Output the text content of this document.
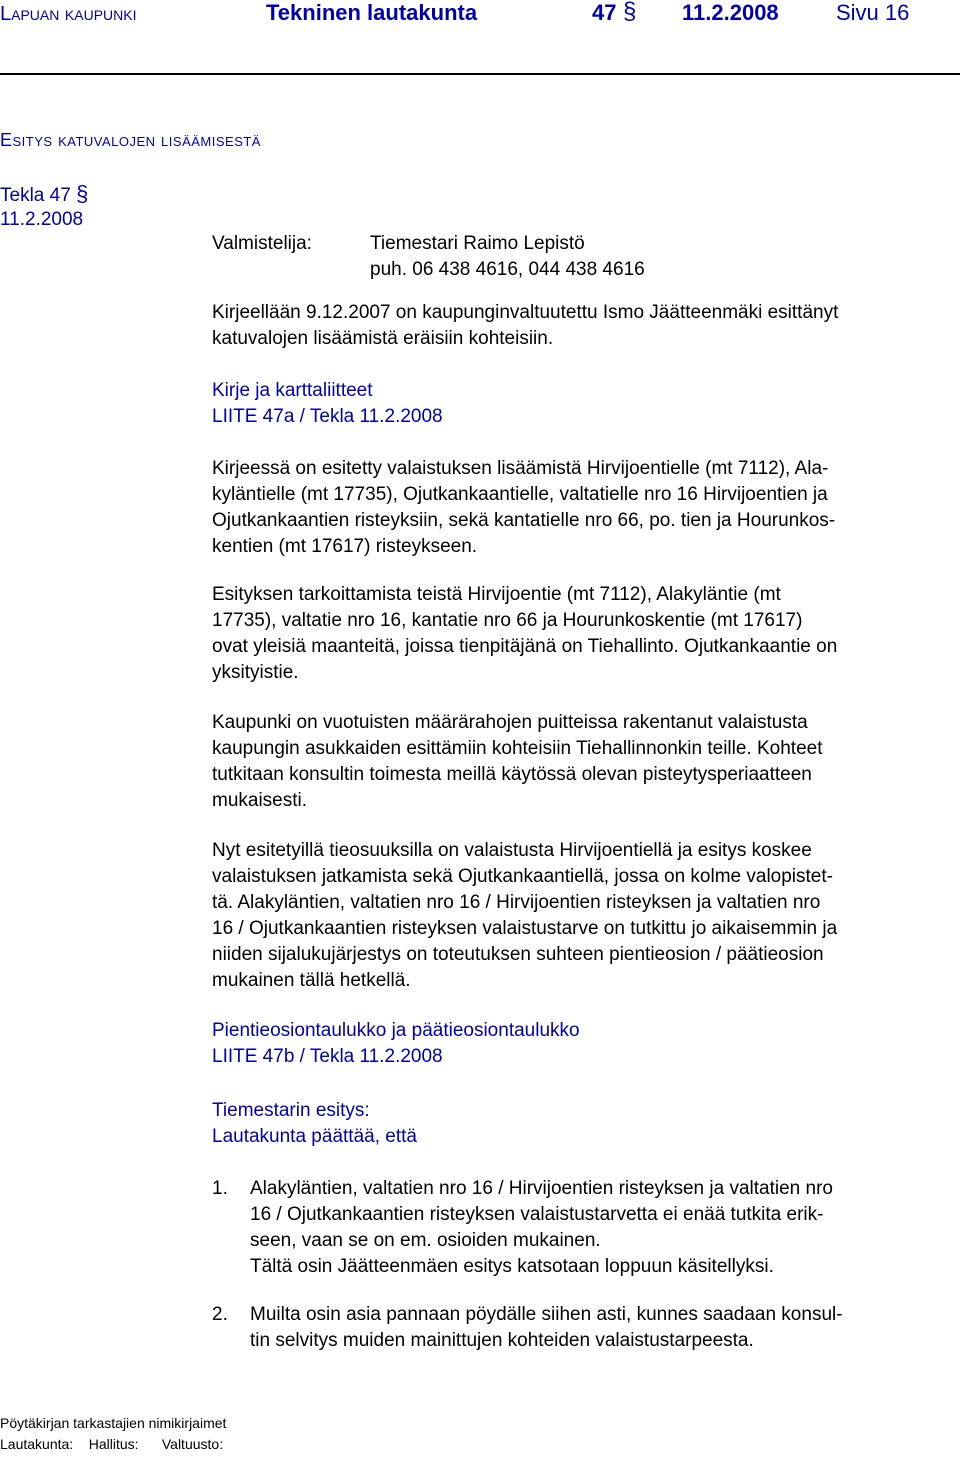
Lapuan kaupunki	Tekninen lautakunta	47 § 11.2.2008	Sivu 16
Esitys katuvalojen lisäämisestä
Tekla 47 §
11.2.2008
Valmistelija:	Tiemestari Raimo Lepistö
puh. 06 438 4616, 044 438 4616

Kirjeellään 9.12.2007 on kaupunginvaltuutettu Ismo Jäätteenmäki esittänyt

katuvalojen lisäämistä eräisiin kohteisiin.

Kirje ja karttaliitteet

LIITE 47a / Tekla 11.2.2008

Kirjeessä on esitetty valaistuksen lisäämistä Hirvijoentielle (mt 7112), Ala-

kyläntielle (mt 17735), Ojutkankaantielle, valtatielle nro 16 Hirvijoentien ja

Ojutkankaantien risteyksiin, sekä kantatielle nro 66, po. tien ja Hourunkos-

kentien (mt 17617) risteykseen.

Esityksen tarkoittamista teistä Hirvijoentie (mt 7112), Alakyläntie (mt

17735), valtatie nro 16, kantatie nro 66 ja Hourunkoskentie (mt 17617)

ovat yleisiä maanteitä, joissa tienpitäjänä on Tiehallinto. Ojutkankaantie on

yksityistie.

Kaupunki on vuotuisten määrärahojen puitteissa rakentanut valaistusta

kaupungin asukkaiden esittämiin kohteisiin Tiehallinnonkin teille. Kohteet

tutkitaan konsultin toimesta meillä käytössä olevan pisteytysperiaatteen

mukaisesti.

Nyt esitetyillä tieosuuksilla on valaistusta Hirvijoentiellä ja esitys koskee

valaistuksen jatkamista sekä Ojutkankaantiellä, jossa on kolme valopistet-

tä. Alakyläntien, valtatien nro 16 / Hirvijoentien risteyksen ja valtatien nro

16 / Ojutkankaantien risteyksen valaistustarve on tutkittu jo aikaisemmin ja

niiden sijalukujärjestys on toteutuksen suhteen pientieosion / päätieosion

mukainen tällä hetkellä.

Pientieosiontaulukko ja päätieosiontaulukko

LIITE 47b / Tekla 11.2.2008

Tiemestarin esitys:

Lautakunta päättää, että

1. Alakyläntien, valtatien nro 16 / Hirvijoentien risteyksen ja valtatien nro

16 / Ojutkankaantien risteyksen valaistustarvetta ei enää tutkita erik-

seen, vaan se on em. osioiden mukainen.

Tältä osin Jäätteenmäen esitys katsotaan loppuun käsitellyksi.

2. Muilta osin asia pannaan pöydälle siihen asti, kunnes saadaan konsul-

tin selvitys muiden mainittujen kohteiden valaistustarpeesta.

Pöytäkirjan tarkastajien nimikirjaimet
Lautakunta:    Hallitus:      Valtuusto:
